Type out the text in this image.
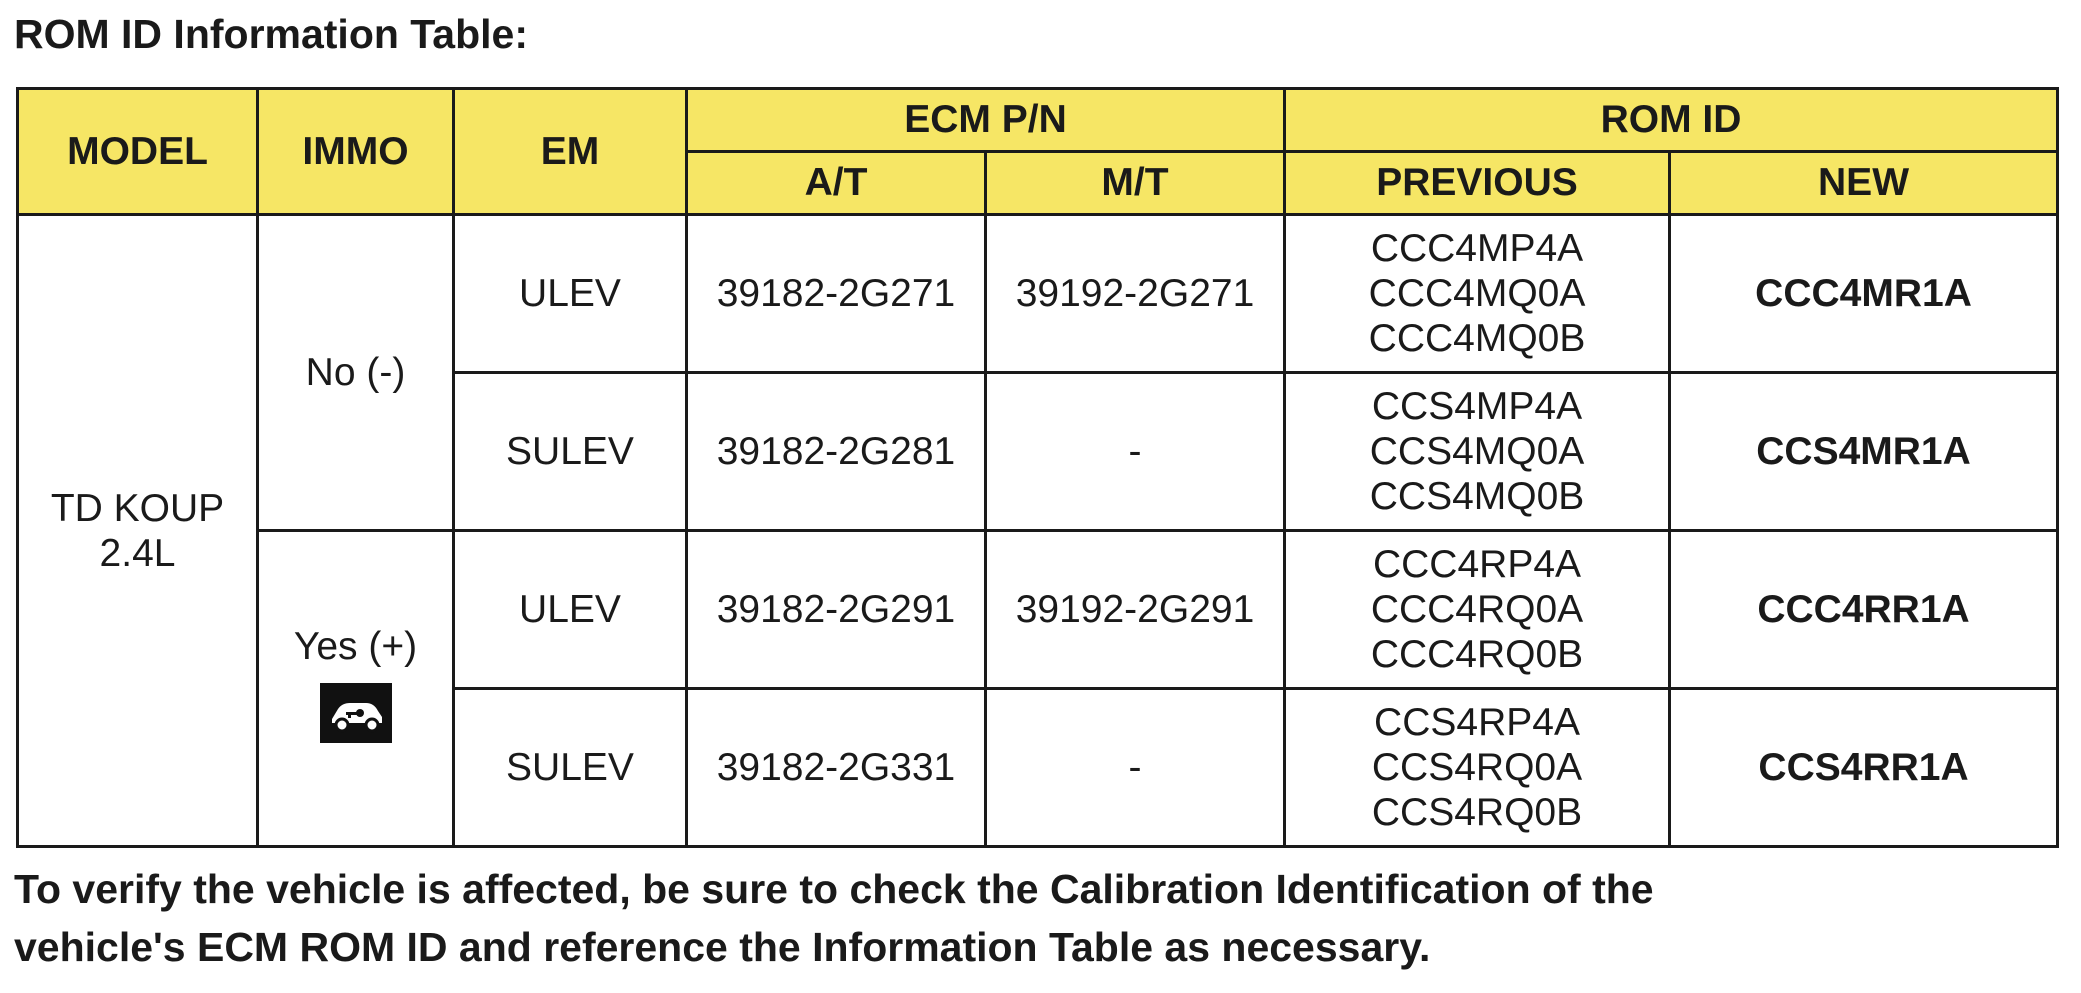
ROM ID Information Table:
MODEL	IMMO	EM	ECM P/N		ROM ID	
			A/T	M/T	PREVIOUS	NEW

TD KOUP
2.4L	No (-)	ULEV	39182-2G271	39192-2G271	CCC4MP4A
CCC4MQ0A
CCC4MQ0B	CCC4MR1A
		SULEV	39182-2G281	-	CCS4MP4A
CCS4MQ0A
CCS4MQ0B	CCS4MR1A

	Yes (+)	ULEV	39182-2G291	39192-2G291	CCC4RP4A
CCC4RQ0A
CCC4RQ0B	CCC4RR1A
		SULEV	39182-2G331	-	CCS4RP4A
CCS4RQ0A
CCS4RQ0B	CCS4RR1A
To verify the vehicle is affected, be sure to check the Calibration Identification of the
vehicle's ECM ROM ID and reference the Information Table as necessary.
